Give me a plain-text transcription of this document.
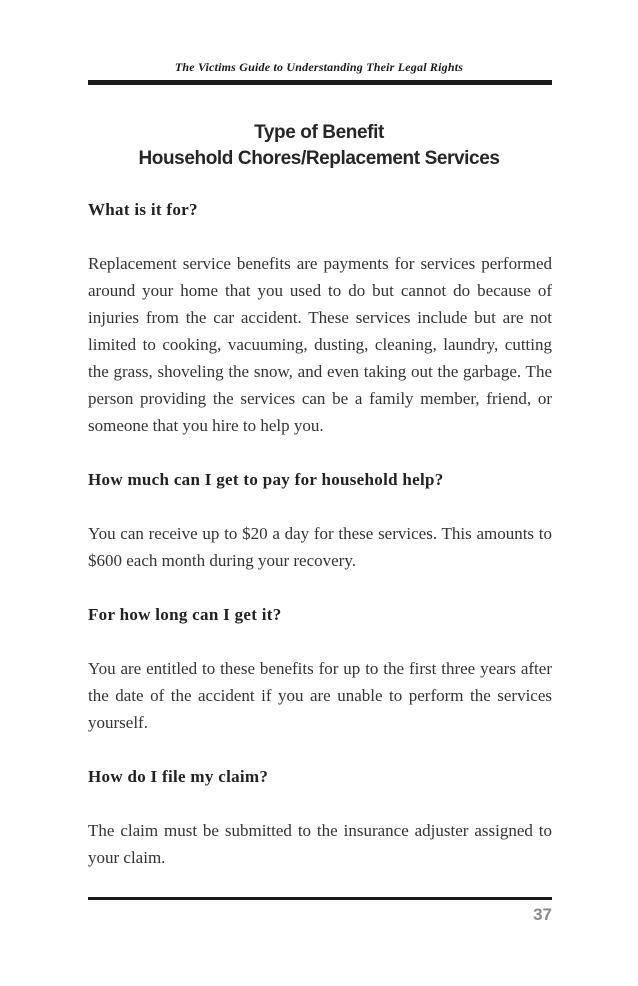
The Victims Guide to Understanding Their Legal Rights
Type of Benefit
Household Chores/Replacement Services

What is it for?

Replacement service benefits are payments for services performed around your home that you used to do but cannot do because of injuries from the car accident. These services include but are not limited to cooking, vacuuming, dusting, cleaning, laundry, cutting the grass, shoveling the snow, and even taking out the garbage. The person providing the services can be a family member, friend, or someone that you hire to help you.

How much can I get to pay for household help?

You can receive up to $20 a day for these services. This amounts to $600 each month during your recovery.

For how long can I get it?

You are entitled to these benefits for up to the first three years after the date of the accident if you are unable to perform the services yourself.

How do I file my claim?

The claim must be submitted to the insurance adjuster assigned to your claim.

37
